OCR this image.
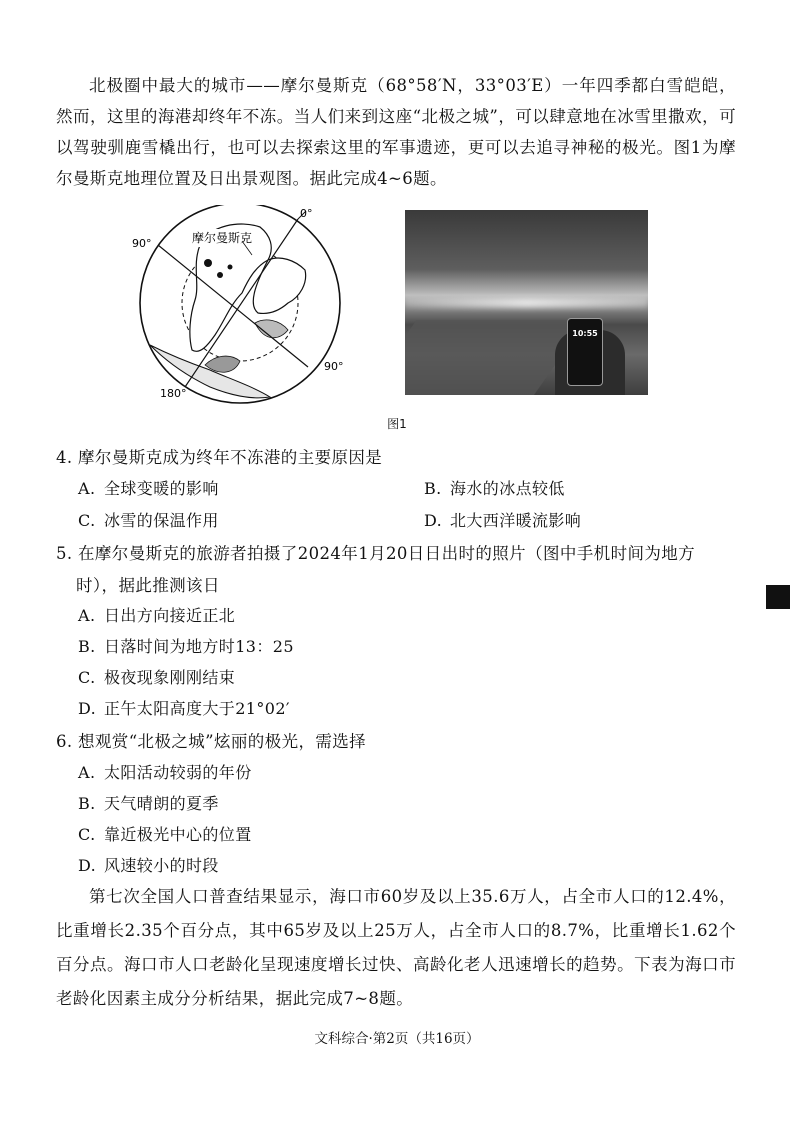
北极圈中最大的城市——摩尔曼斯克（68°58′N，33°03′E）一年四季都白雪皑皑，然而，这里的海港却终年不冻。当人们来到这座“北极之城”，可以肆意地在冰雪里撒欢，可以驾驶驯鹿雪橇出行，也可以去探索这里的军事遗迹，更可以去追寻神秘的极光。图1为摩尔曼斯克地理位置及日出景观图。据此完成4~6题。
摩尔曼斯克
0°
90°
90°
180°
10:55
图1
4. 摩尔曼斯克成为终年不冻港的主要原因是
A. 全球变暖的影响	B. 海水的冰点较低
C. 冰雪的保温作用	D. 北大西洋暖流影响
5. 在摩尔曼斯克的旅游者拍摄了2024年1月20日日出时的照片（图中手机时间为地方
时），据此推测该日
A. 日出方向接近正北
B. 日落时间为地方时13：25
C. 极夜现象刚刚结束
D. 正午太阳高度大于21°02′
6. 想观赏“北极之城”炫丽的极光，需选择
A. 太阳活动较弱的年份
B. 天气晴朗的夏季
C. 靠近极光中心的位置
D. 风速较小的时段
第七次全国人口普查结果显示，海口市60岁及以上35.6万人，占全市人口的12.4%，比重增长2.35个百分点，其中65岁及以上25万人，占全市人口的8.7%，比重增长1.62个百分点。海口市人口老龄化呈现速度增长过快、高龄化老人迅速增长的趋势。下表为海口市老龄化因素主成分分析结果，据此完成7~8题。
文科综合·第2页（共16页）
